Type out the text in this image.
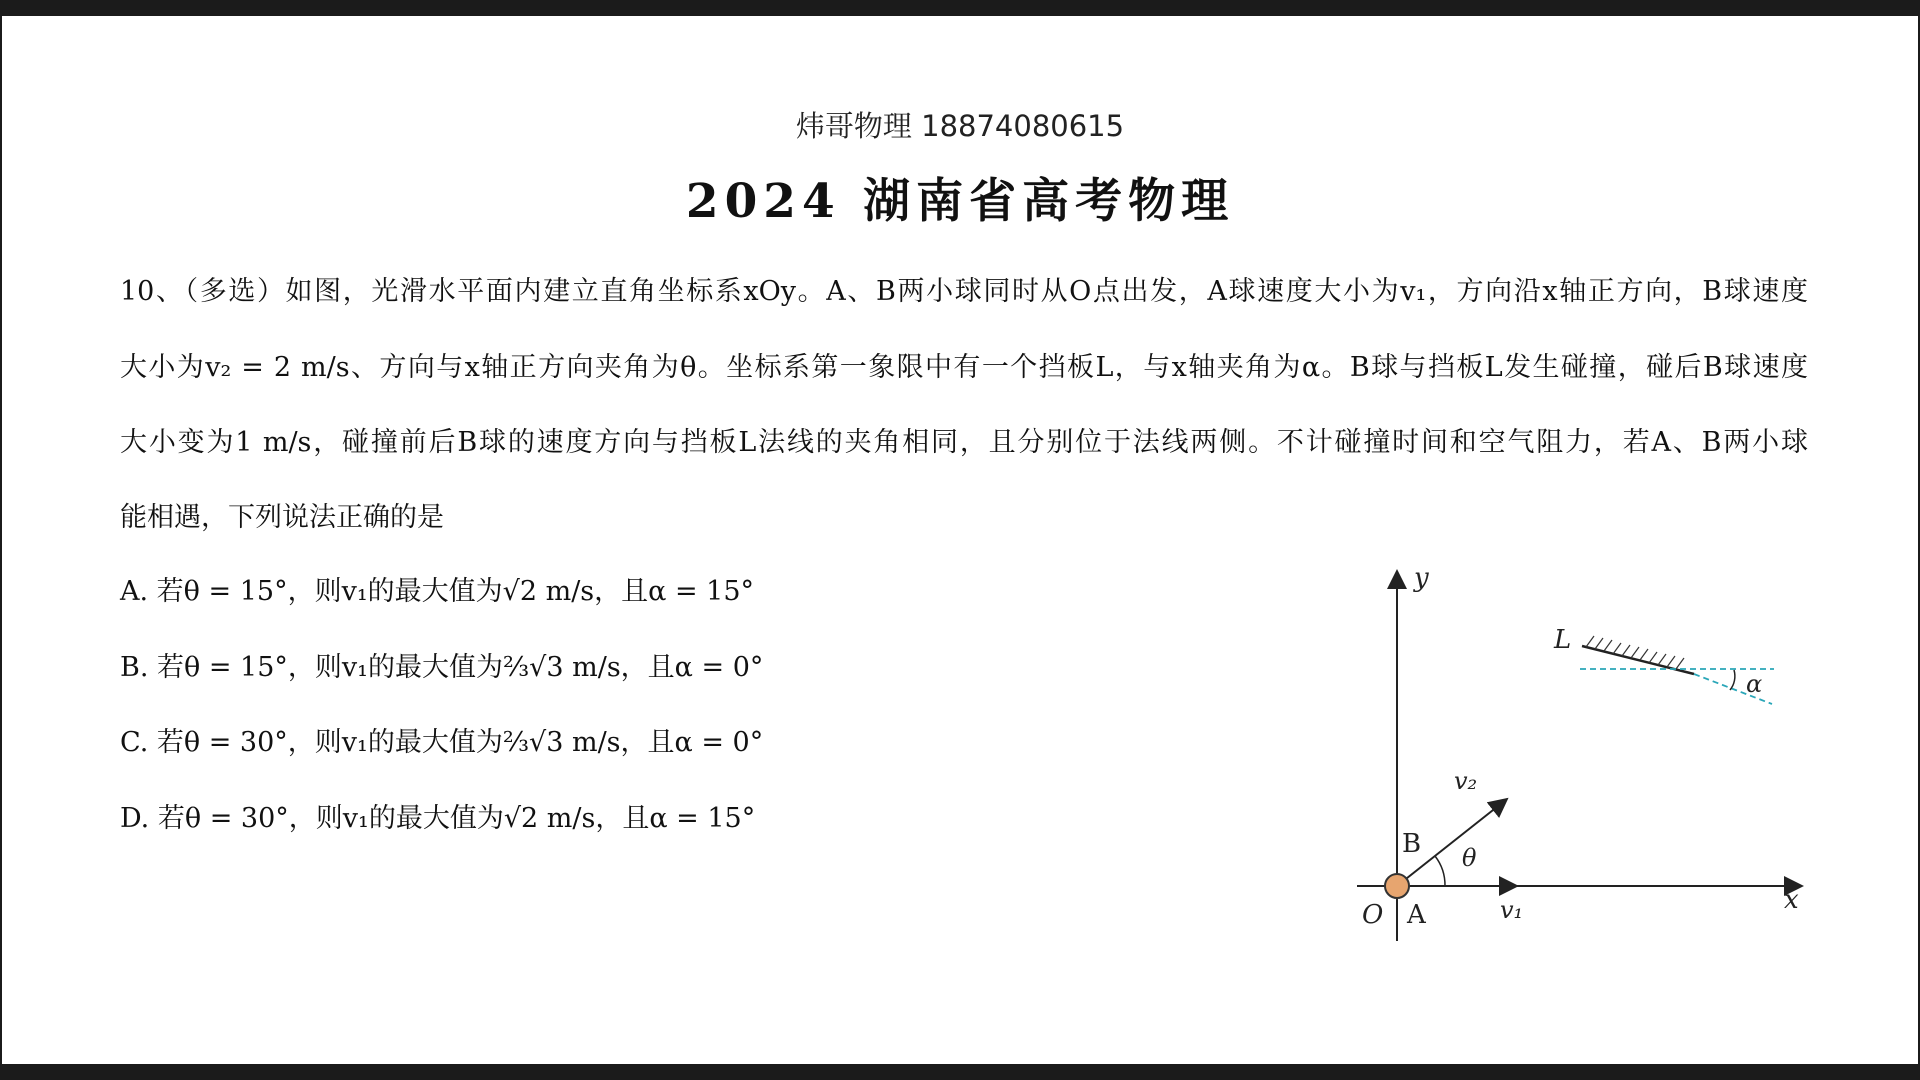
炜哥物理 18874080615
2024 湖南省高考物理
10、（多选）如图，光滑水平面内建立直角坐标系xOy。A、B两小球同时从O点出发，A球速度大小为v₁，方向沿x轴正方向，B球速度
大小为v₂ = 2 m/s、方向与x轴正方向夹角为θ。坐标系第一象限中有一个挡板L，与x轴夹角为α。B球与挡板L发生碰撞，碰后B球速度
大小变为1 m/s，碰撞前后B球的速度方向与挡板L法线的夹角相同，且分别位于法线两侧。不计碰撞时间和空气阻力，若A、B两小球
能相遇，下列说法正确的是
A. 若θ = 15°，则v₁的最大值为√2 m/s，且α = 15°
B. 若θ = 15°，则v₁的最大值为⅔√3 m/s，且α = 0°
C. 若θ = 30°，则v₁的最大值为⅔√3 m/s，且α = 0°
D. 若θ = 30°，则v₁的最大值为√2 m/s，且α = 15°
y
x
O A
B
L
α
θ
v₂
v₁
